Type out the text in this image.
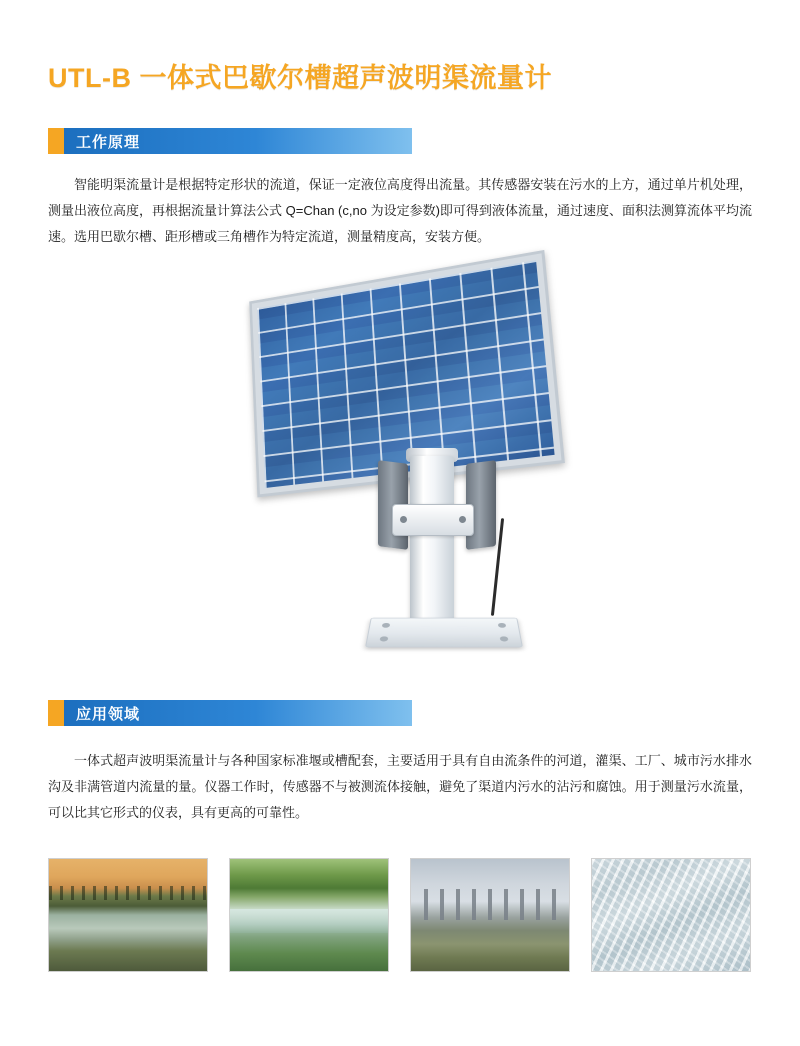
UTL-B 一体式巴歇尔槽超声波明渠流量计
工作原理

智能明渠流量计是根据特定形状的流道，保证一定液位高度得出流量。其传感器安装在污水的上方，通过单片机处理，测量出液位高度，再根据流量计算法公式 Q=Chan (c,no 为设定参数)即可得到液体流量，通过速度、面积法测算流体平均流速。选用巴歇尔槽、距形槽或三角槽作为特定流道，测量精度高，安装方便。

应用领域

一体式超声波明渠流量计与各种国家标准堰或槽配套，主要适用于具有自由流条件的河道，灌渠、工厂、城市污水排水沟及非满管道内流量的量。仪器工作时，传感器不与被测流体接触，避免了渠道内污水的沾污和腐蚀。用于测量污水流量，可以比其它形式的仪表，具有更高的可靠性。
